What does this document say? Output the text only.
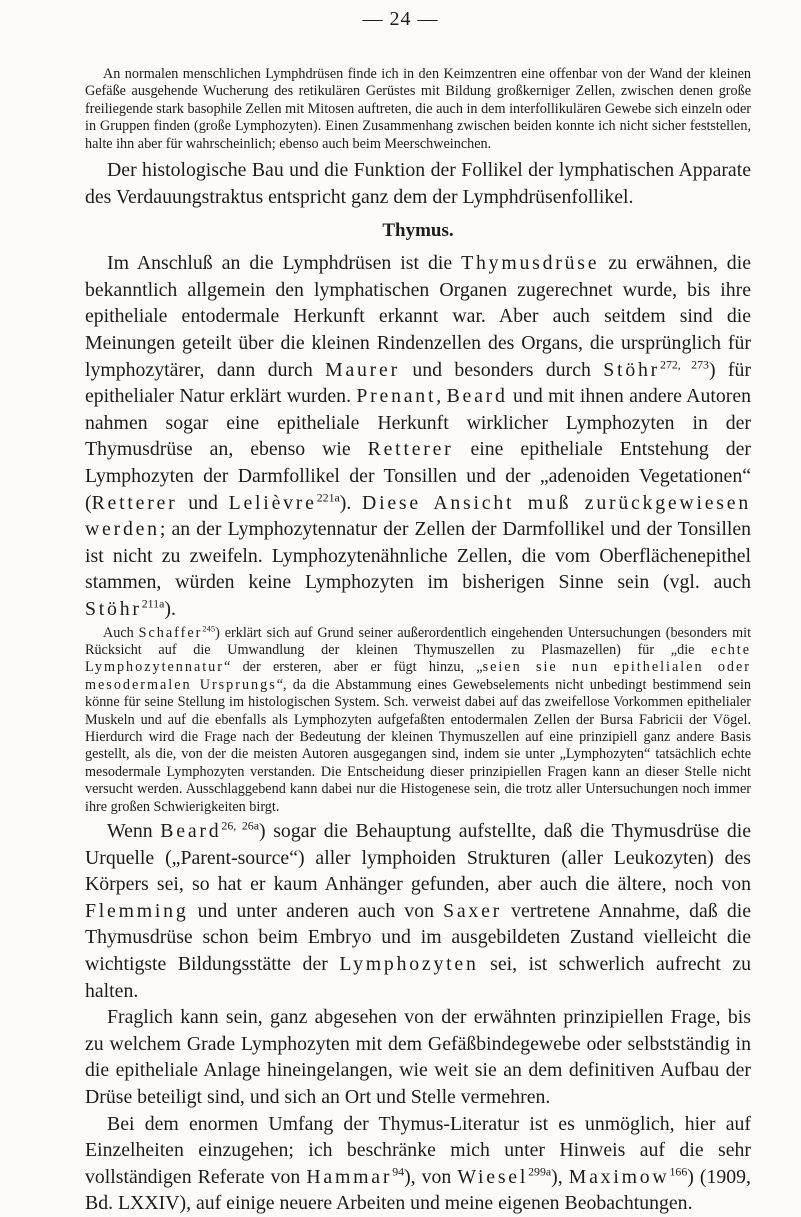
— 24 —

An normalen menschlichen Lymphdrüsen finde ich in den Keimzentren eine offenbar von der Wand der kleinen Gefäße ausgehende Wucherung des retikulären Gerüstes mit Bildung großkerniger Zellen, zwischen denen große freiliegende stark basophile Zellen mit Mitosen auftreten, die auch in dem interfollikulären Gewebe sich einzeln oder in Gruppen finden (große Lymphozyten). Einen Zusammenhang zwischen beiden konnte ich nicht sicher feststellen, halte ihn aber für wahrscheinlich; ebenso auch beim Meerschweinchen.

Der histologische Bau und die Funktion der Follikel der lymphatischen Apparate des Verdauungstraktus entspricht ganz dem der Lymphdrüsenfollikel.

Thymus.

Im Anschluß an die Lymphdrüsen ist die Thymusdrüse zu erwähnen, die bekanntlich allgemein den lymphatischen Organen zugerechnet wurde, bis ihre epitheliale entodermale Herkunft erkannt war. Aber auch seitdem sind die Meinungen geteilt über die kleinen Rindenzellen des Organs, die ursprünglich für lymphozytärer, dann durch Maurer und besonders durch Stöhr$^{272, 273}$) für epithelialer Natur erklärt wurden. Prenant, Beard und mit ihnen andere Autoren nahmen sogar eine epitheliale Herkunft wirklicher Lymphozyten in der Thymusdrüse an, ebenso wie Retterer eine epitheliale Entstehung der Lymphozyten der Darmfollikel der Tonsillen und der „adenoiden Vegetationen“ (Retterer und Lelièvre$^{221a}$). Diese Ansicht muß zurückgewiesen werden; an der Lymphozytennatur der Zellen der Darmfollikel und der Tonsillen ist nicht zu zweifeln. Lymphozytenähnliche Zellen, die vom Oberflächenepithel stammen, würden keine Lymphozyten im bisherigen Sinne sein (vgl. auch Stöhr$^{211a}$).

Auch Schaffer$^{245}$) erklärt sich auf Grund seiner außerordentlich eingehenden Untersuchungen (besonders mit Rücksicht auf die Umwandlung der kleinen Thymuszellen zu Plasmazellen) für „die echte Lymphozytennatur“ der ersteren, aber er fügt hinzu, „seien sie nun epithelialen oder mesodermalen Ursprungs“, da die Abstammung eines Gewebselements nicht unbedingt bestimmend sein könne für seine Stellung im histologischen System. Sch. verweist dabei auf das zweifellose Vorkommen epithelialer Muskeln und auf die ebenfalls als Lymphozyten aufgefaßten entodermalen Zellen der Bursa Fabricii der Vögel. Hierdurch wird die Frage nach der Bedeutung der kleinen Thymuszellen auf eine prinzipiell ganz andere Basis gestellt, als die, von der die meisten Autoren ausgegangen sind, indem sie unter „Lymphozyten“ tatsächlich echte mesodermale Lymphozyten verstanden. Die Entscheidung dieser prinzipiellen Fragen kann an dieser Stelle nicht versucht werden. Ausschlaggebend kann dabei nur die Histogenese sein, die trotz aller Untersuchungen noch immer ihre großen Schwierigkeiten birgt.

Wenn Beard$^{26, 26a}$) sogar die Behauptung aufstellte, daß die Thymusdrüse die Urquelle („Parent-source“) aller lymphoiden Strukturen (aller Leukozyten) des Körpers sei, so hat er kaum Anhänger gefunden, aber auch die ältere, noch von Flemming und unter anderen auch von Saxer vertretene Annahme, daß die Thymusdrüse schon beim Embryo und im ausgebildeten Zustand vielleicht die wichtigste Bildungsstätte der Lymphozyten sei, ist schwerlich aufrecht zu halten.

Fraglich kann sein, ganz abgesehen von der erwähnten prinzipiellen Frage, bis zu welchem Grade Lymphozyten mit dem Gefäßbindegewebe oder selbstständig in die epitheliale Anlage hineingelangen, wie weit sie an dem definitiven Aufbau der Drüse beteiligt sind, und sich an Ort und Stelle vermehren.

Bei dem enormen Umfang der Thymus-Literatur ist es unmöglich, hier auf Einzelheiten einzugehen; ich beschränke mich unter Hinweis auf die sehr vollständigen Referate von Hammar$^{94}$), von Wiesel$^{299a}$), Maximow$^{166}$) (1909, Bd. LXXIV), auf einige neuere Arbeiten und meine eigenen Beobachtungen.
